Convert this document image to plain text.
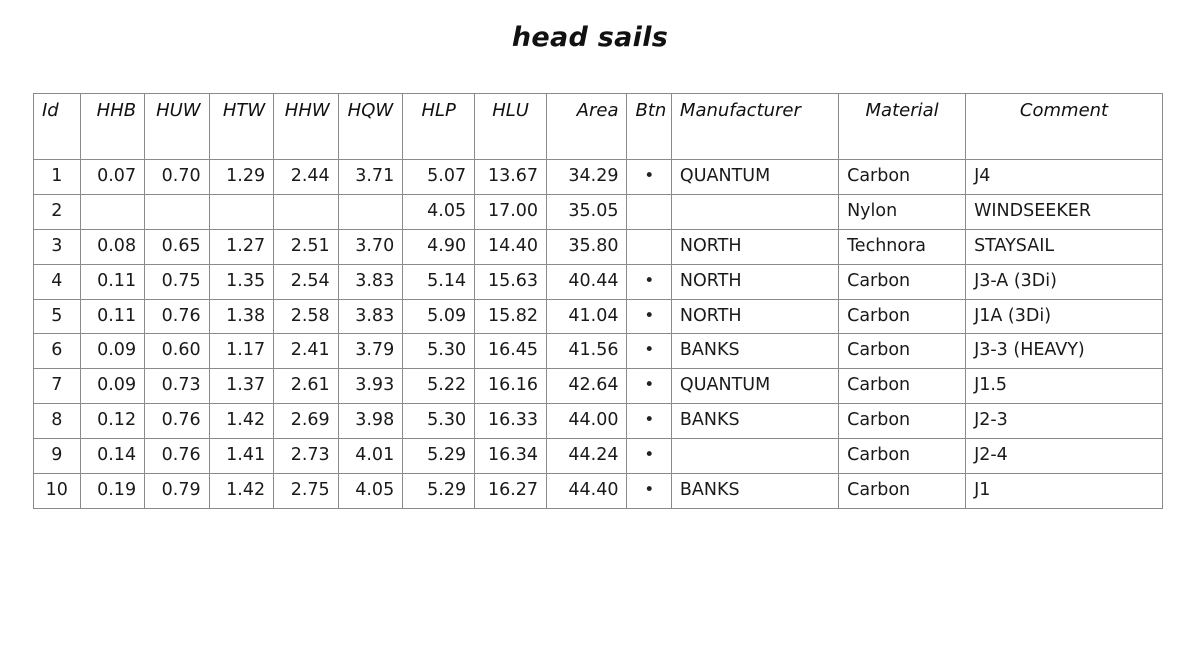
head sails
Id	HHB	HUW	HTW	HHW	HQW	HLP	HLU	Area	Btn	Manufacturer	Material	Comment
1	0.07	0.70	1.29	2.44	3.71	5.07	13.67	34.29	•	QUANTUM	Carbon	J4
2						4.05	17.00	35.05			Nylon	WINDSEEKER
3	0.08	0.65	1.27	2.51	3.70	4.90	14.40	35.80		NORTH	Technora	STAYSAIL
4	0.11	0.75	1.35	2.54	3.83	5.14	15.63	40.44	•	NORTH	Carbon	J3-A (3Di)
5	0.11	0.76	1.38	2.58	3.83	5.09	15.82	41.04	•	NORTH	Carbon	J1A (3Di)
6	0.09	0.60	1.17	2.41	3.79	5.30	16.45	41.56	•	BANKS	Carbon	J3-3 (HEAVY)
7	0.09	0.73	1.37	2.61	3.93	5.22	16.16	42.64	•	QUANTUM	Carbon	J1.5
8	0.12	0.76	1.42	2.69	3.98	5.30	16.33	44.00	•	BANKS	Carbon	J2-3
9	0.14	0.76	1.41	2.73	4.01	5.29	16.34	44.24	•		Carbon	J2-4
10	0.19	0.79	1.42	2.75	4.05	5.29	16.27	44.40	•	BANKS	Carbon	J1
